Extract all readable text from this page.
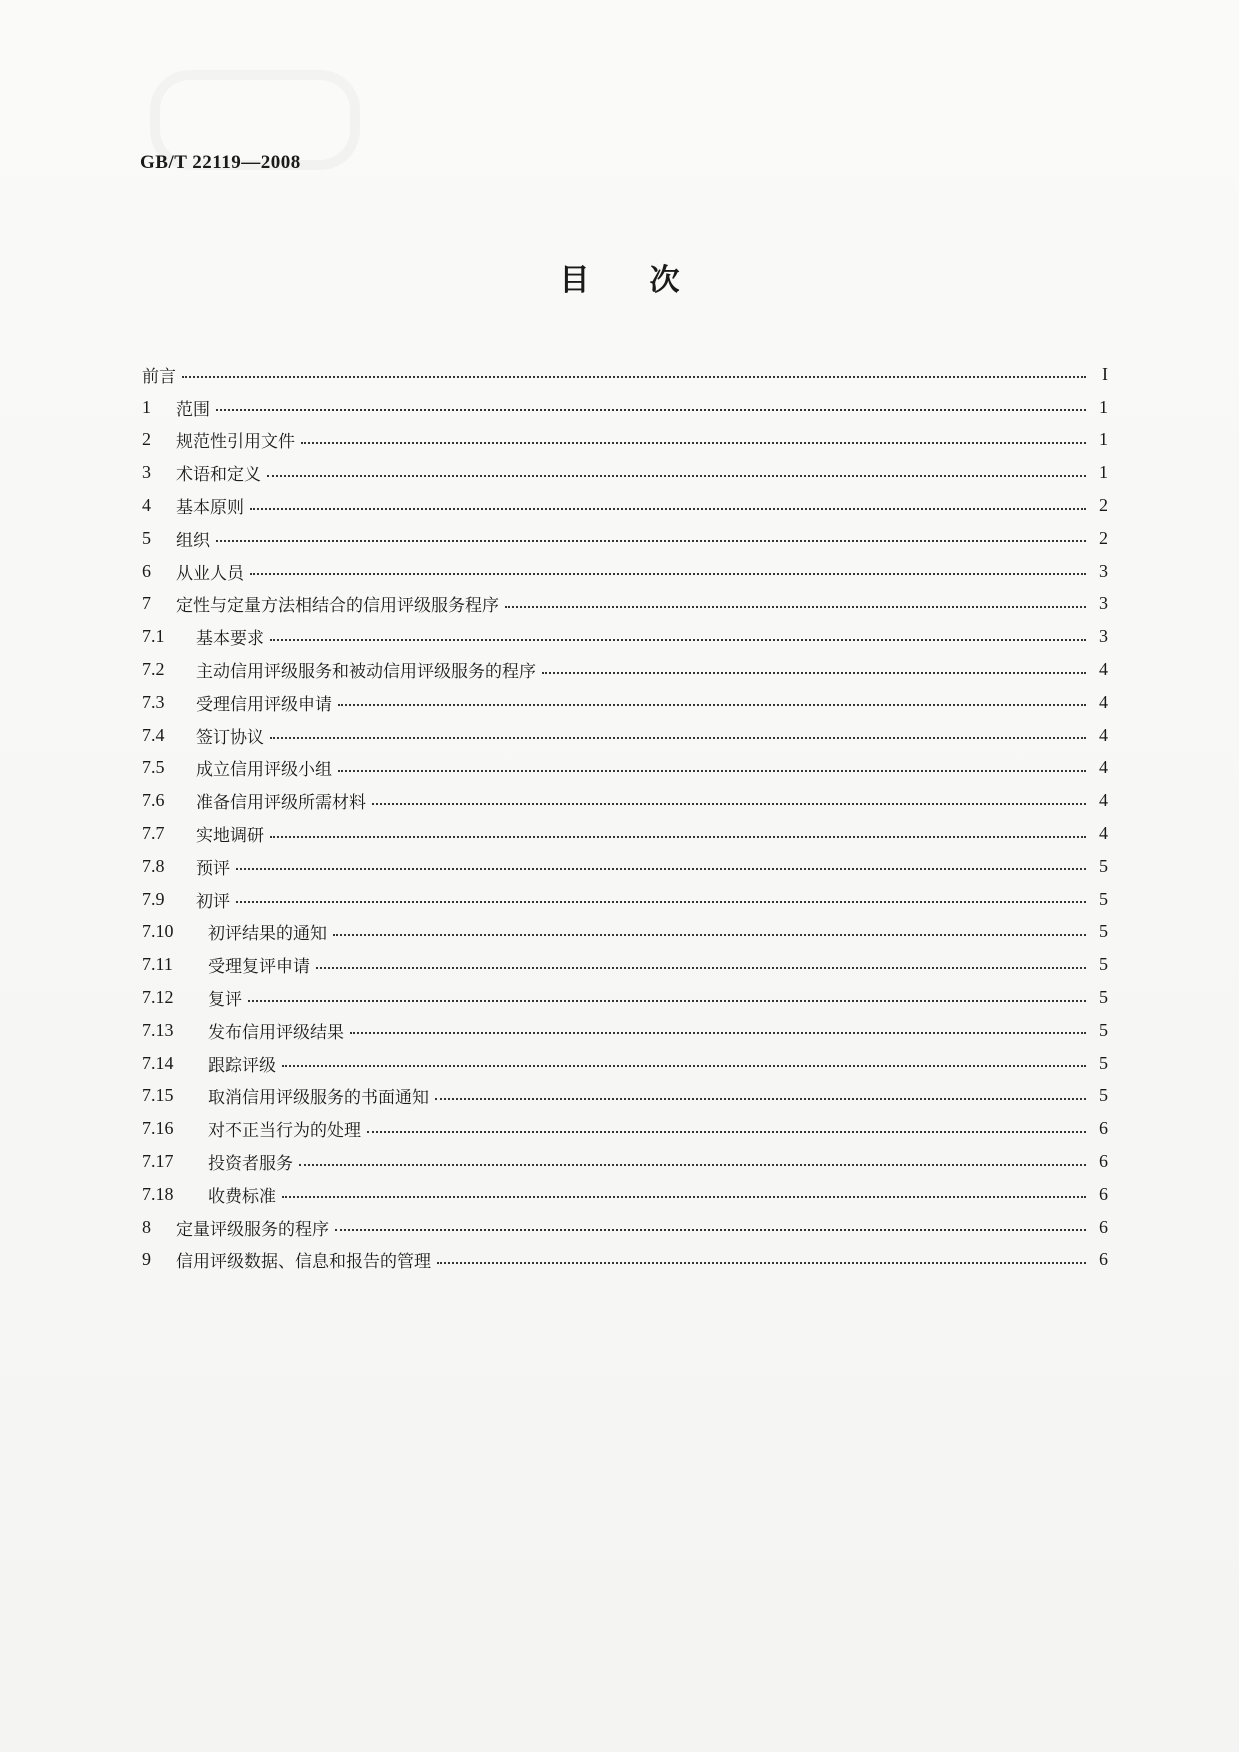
GB/T 22119—2008
目次
前言	I
1	范围	1
2	规范性引用文件	1
3	术语和定义	1
4	基本原则	2
5	组织	2
6	从业人员	3
7	定性与定量方法相结合的信用评级服务程序	3
7.1	基本要求	3
7.2	主动信用评级服务和被动信用评级服务的程序	4
7.3	受理信用评级申请	4
7.4	签订协议	4
7.5	成立信用评级小组	4
7.6	准备信用评级所需材料	4
7.7	实地调研	4
7.8	预评	5
7.9	初评	5
7.10	初评结果的通知	5
7.11	受理复评申请	5
7.12	复评	5
7.13	发布信用评级结果	5
7.14	跟踪评级	5
7.15	取消信用评级服务的书面通知	5
7.16	对不正当行为的处理	6
7.17	投资者服务	6
7.18	收费标准	6
8	定量评级服务的程序	6
9	信用评级数据、信息和报告的管理	6
